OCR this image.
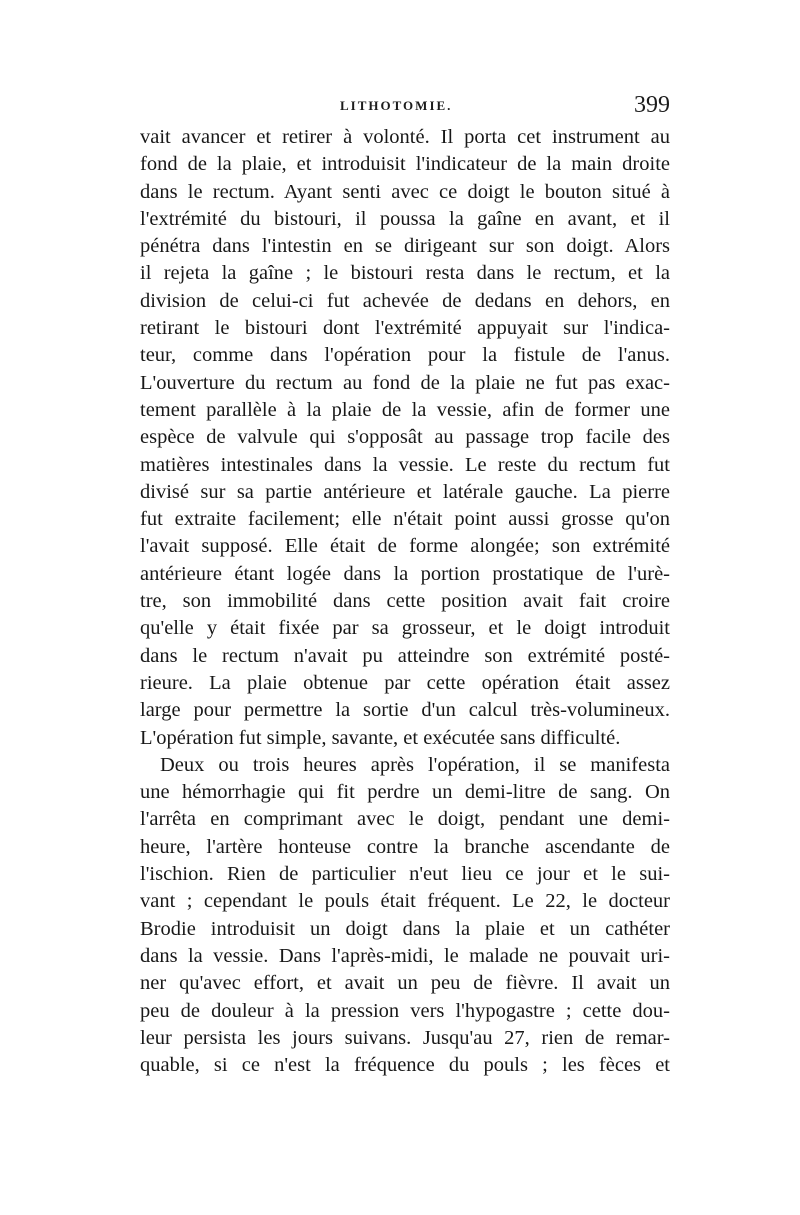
LITHOTOMIE.	399
vait avancer et retirer à volonté. Il porta cet instrument au
fond de la plaie, et introduisit l'indicateur de la main droite
dans le rectum. Ayant senti avec ce doigt le bouton situé à
l'extrémité du bistouri, il poussa la gaîne en avant, et il
pénétra dans l'intestin en se dirigeant sur son doigt. Alors
il rejeta la gaîne ; le bistouri resta dans le rectum, et la
division de celui-ci fut achevée de dedans en dehors, en
retirant le bistouri dont l'extrémité appuyait sur l'indica-
teur, comme dans l'opération pour la fistule de l'anus.
L'ouverture du rectum au fond de la plaie ne fut pas exac-
tement parallèle à la plaie de la vessie, afin de former une
espèce de valvule qui s'opposât au passage trop facile des
matières intestinales dans la vessie. Le reste du rectum fut
divisé sur sa partie antérieure et latérale gauche. La pierre
fut extraite facilement; elle n'était point aussi grosse qu'on
l'avait supposé. Elle était de forme alongée; son extrémité
antérieure étant logée dans la portion prostatique de l'urè-
tre, son immobilité dans cette position avait fait croire
qu'elle y était fixée par sa grosseur, et le doigt introduit
dans le rectum n'avait pu atteindre son extrémité posté-
rieure. La plaie obtenue par cette opération était assez
large pour permettre la sortie d'un calcul très-volumineux.
L'opération fut simple, savante, et exécutée sans difficulté.
Deux ou trois heures après l'opération, il se manifesta
une hémorrhagie qui fit perdre un demi-litre de sang. On
l'arrêta en comprimant avec le doigt, pendant une demi-
heure, l'artère honteuse contre la branche ascendante de
l'ischion. Rien de particulier n'eut lieu ce jour et le sui-
vant ; cependant le pouls était fréquent. Le 22, le docteur
Brodie introduisit un doigt dans la plaie et un cathéter
dans la vessie. Dans l'après-midi, le malade ne pouvait uri-
ner qu'avec effort, et avait un peu de fièvre. Il avait un
peu de douleur à la pression vers l'hypogastre ; cette dou-
leur persista les jours suivans. Jusqu'au 27, rien de remar-
quable, si ce n'est la fréquence du pouls ; les fèces et
